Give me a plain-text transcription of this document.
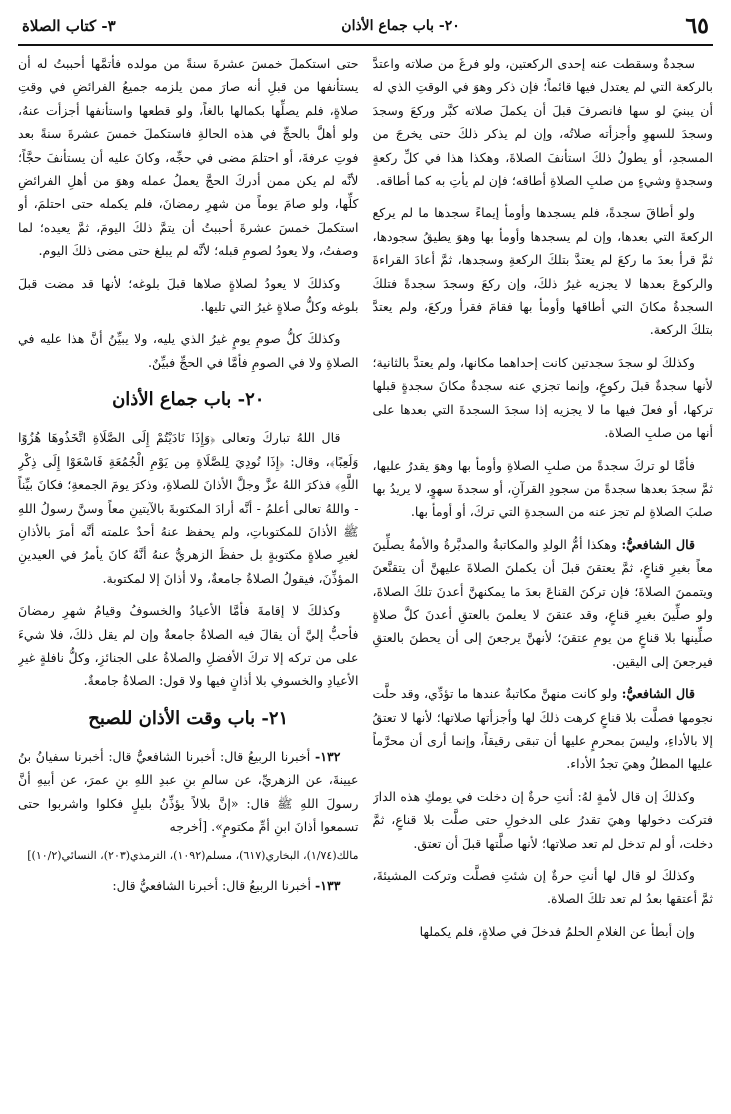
٦٥
٢٠- باب جماع الأذان
٣- كتاب الصلاة

سجدةٌ وسقطت عنه إحدى الركعتين، ولو فرغَ من صلاته واعتدَّ بالركعة التي لم يعتدل فيها قائماً؛ فإن ذكر وهوَ في الوقتِ الذي له أن يبنيَ لو سها فانصرفَ قبلَ أن يكملَ صلاته كبَّر وركعَ وسجدَ وسجدَ للسهوِ وأجزأته صلاتُه، وإن لم يذكر ذلكَ حتى يخرجَ من المسجدِ، أو يطولُ ذلكَ استأنفَ الصلاةَ، وهكذا هذا في كلِّ ركعةٍ وسجدةٍ وشيءٍ من صلبِ الصلاةِ أطاقه؛ فإن لم يأتِ به كما أطاقه.

ولو أطاقَ سجدةً، فلم يسجدها وأومأ إيماءً سجدها ما لم يركع الركعةَ التي بعدها، وإن لم يسجدها وأومأ بها وهوَ يطيقُ سجودها، ثمَّ قرأ بعدَ ما ركعَ لم يعتدَّ بتلكَ الركعةِ وسجدها، ثمَّ أعادَ القراءةَ والركوعَ بعدها لا يجزيه غيرُ ذلكَ، وإن ركعَ وسجدَ سجدةً فتلكَ السجدةُ مكانَ التي أطاقها وأومأ بها فقامَ فقرأ وركعَ، ولم يعتدَّ بتلكَ الركعة.

وكذلكَ لو سجدَ سجدتين كانت إحداهما مكانها، ولم يعتدَّ بالثانية؛ لأنها سجدةٌ قبلَ ركوعٍ، وإنما تجزي عنه سجدةٌ مكانَ سجدةٍ قبلها تركها، أو فعلَ فيها ما لا يجزيه إذا سجدَ السجدةَ التي بعدها على أنها من صلبِ الصلاة.

فأمَّا لو تركَ سجدةً من صلبِ الصلاةِ وأومأ بها وهوَ يقدرُ عليها، ثمَّ سجدَ بعدها سجدةً من سجودِ القرآنِ، أو سجدةَ سهوٍ، لا يريدُ بها صلبَ الصلاةِ لم تجز عنه من السجدةِ التي تركَ، أو أومأ بها.

قال الشافعيُّ: وهكذا أمُّ الولدِ والمكاتبةُ والمدبَّرةُ والأمةُ يصلِّينَ معاً بغيرِ قناعٍ، ثمَّ يعتقنَ قبلَ أن يكملنَ الصلاةَ عليهنَّ أن يتقنَّعنَ ويتممنَ الصلاةَ؛ فإن تركنَ القناعَ بعدَ ما يمكنهنَّ أعدنَ تلكَ الصلاةَ، ولو صلِّينَ بغيرِ قناعٍ، وقد عتقنَ لا يعلمنَ بالعتقِ أعدنَ كلَّ صلاةٍ صلِّينها بلا قناعٍ من يومِ عتقنَ؛ لأنهنَّ يرجعنَ إلى أن يحطنَ بالعتقِ فيرجعنَ إلى اليقين.

قال الشافعيُّ: ولو كانت منهنَّ مكاتبةٌ عندها ما تؤدِّي، وقد حلَّت نجومها فصلَّت بلا قناعٍ كرهت ذلكَ لها وأجزأتها صلاتها؛ لأنها لا تعتقُ إلا بالأداءِ، وليسَ بمحرمٍ عليها أن تبقى رقيقاً، وإنما أرى أن محرَّماً عليها المطلُ وهيَ تجدُ الأداء.

وكذلكَ إن قال لأمةٍ لهُ: أنتِ حرةٌ إن دخلت في يومكِ هذه الدارَ فتركت دخولها وهيَ تقدرُ على الدخولِ حتى صلَّت بلا قناعٍ، ثمَّ دخلت، أو لم تدخل لم تعد صلاتها؛ لأنها صلَّتها قبلَ أن تعتق.

وكذلكَ لو قال لها أنتِ حرةٌ إن شئتِ فصلَّت وتركت المشيئةَ، ثمَّ أعتقها بعدُ لم تعد تلكَ الصلاة.

وإن أبطأ عن الغلامِ الحلمُ فدخلَ في صلاةٍ، فلم يكملها

حتى استكملَ خمسَ عشرةَ سنةً من مولده فأتمَّها أحببتُ له أن يستأنفها من قبلِ أنه صارَ ممن يلزمه جميعُ الفرائضِ في وقتِ صلاةٍ، فلم يصلِّها بكمالها بالغاً، ولو قطعها واستأنفها أجزأت عنهُ، ولو أهلَّ بالحجِّ في هذه الحالةِ فاستكملَ خمسَ عشرةَ سنةً بعد فوتِ عرفةَ، أو احتلمَ مضى في حجِّه، وكانَ عليه أن يستأنفَ حجَّاً؛ لأنَّه لم يكن ممن أدركَ الحجَّ يعملُ عمله وهوَ من أهلِ الفرائضِ كلِّها، ولو صامَ يوماً من شهرِ رمضانَ، فلم يكمله حتى احتلمَ، أو استكملَ خمسَ عشرةَ أحببتُ أن يتمَّ ذلكَ اليومَ، ثمَّ يعيده؛ لما وصفتُ، ولا يعودُ لصومِ قبله؛ لأنَّه لم يبلغ حتى مضى ذلكَ اليوم.

وكذلكَ لا يعودُ لصلاةٍ صلاها قبلَ بلوغه؛ لأنها قد مضت قبلَ بلوغه وكلُّ صلاةٍ غيرُ التي تليها.

وكذلكَ كلُّ صومِ يومٍ غيرُ الذي يليه، ولا يبيِّنُ أنَّ هذا عليه في الصلاةِ ولا في الصومِ فأمَّا في الحجِّ فبيِّنٌ.

٢٠- باب جماع الأذان

قال اللهُ تباركَ وتعالى ﴿وَإِذَا نَادَيْتُمْ إِلَى الصَّلَاةِ اتَّخَذُوهَا هُزُوًا وَلَعِبًا﴾، وقال: ﴿إِذَا نُودِيَ لِلصَّلَاةِ مِن يَوْمِ الْجُمُعَةِ فَاسْعَوْا إِلَى ذِكْرِ اللَّهِ﴾ فذكرَ اللهُ عزَّ وجلَّ الأذانَ للصلاةِ، وذكرَ يومَ الجمعةِ؛ فكانَ بيِّناً - واللهُ تعالى أعلمُ - أنَّه أرادَ المكتوبةَ بالآيتينِ معاً وسنَّ رسولُ اللهِ ﷺ الأذانَ للمكتوباتِ، ولم يحفظ عنهُ أحدٌ علمته أنَّه أمرَ بالأذانِ لغيرِ صلاةٍ مكتوبةٍ بل حفظَ الزهريُّ عنهُ أنَّهُ كانَ يأمرُ في العيدينِ المؤذِّنَ، فيقولُ الصلاةُ جامعةٌ، ولا أذانَ إلا لمكتوبة.

وكذلكَ لا إقامةَ فأمَّا الأعيادُ والخسوفُ وقيامُ شهرِ رمضانَ فأحبُّ إليَّ أن يقالَ فيه الصلاةُ جامعةٌ وإن لم يقل ذلكَ، فلا شيءَ على من تركه إلا تركَ الأفضلِ والصلاةُ على الجنائزِ، وكلُّ نافلةٍ غيرِ الأعيادِ والخسوفِ بلا أذانٍ فيها ولا قول: الصلاةُ جامعةٌ.

٢١- باب وقت الأذان للصبح

١٣٢- أخبرنا الربيعُ قال: أخبرنا الشافعيُّ قال: أخبرنا سفيانُ بنُ عيينةَ، عن الزهريِّ، عن سالمِ بنِ عبدِ اللهِ بنِ عمرَ، عن أبيهِ أنَّ رسولَ اللهِ ﷺ قال: «إنَّ بلالاً يؤذِّنُ بليلٍ فكلوا واشربوا حتى تسمعوا أذانَ ابنِ أمِّ مكتومٍ». [أخرجه

مالك(١/٧٤)، البخاري(٦١٧)، مسلم(١٠٩٢)، الترمذي(٢٠٣)، النسائي(١٠/٢)]

١٣٣- أخبرنا الربيعُ قال: أخبرنا الشافعيُّ قال:
